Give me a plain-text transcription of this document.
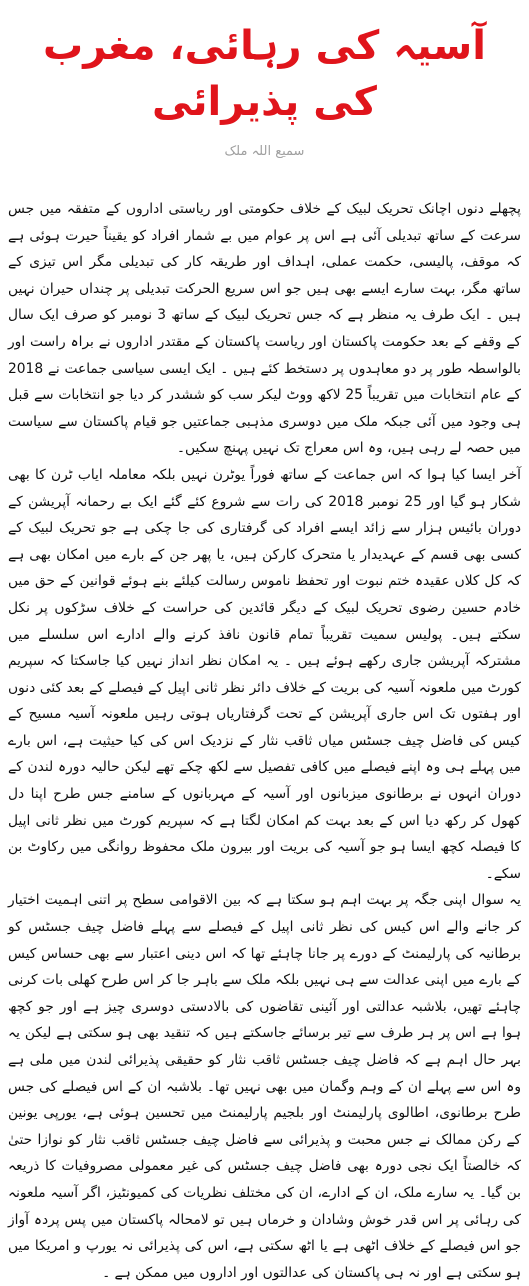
آسیہ کی رہائی، مغرب کی پذیرائی
سمیع اللہ ملک

پچھلے دنوں اچانک تحریک لبیک کے خلاف حکومتی اور ریاستی اداروں کے متفقہ میں جس سرعت کے ساتھ تبدیلی آئی ہے اس پر عوام میں بے شمار افراد کو یقیناً حیرت ہوئی ہے کہ موقف، پالیسی، حکمت عملی، اہداف اور طریقہ کار کی تبدیلی مگر اس تیزی کے ساتھ مگر، بہت سارے ایسے بھی ہیں جو اس سریع الحرکت تبدیلی پر چنداں حیران نہیں ہیں ۔ ایک طرف یہ منظر ہے کہ جس تحریک لبیک کے ساتھ 3 نومبر کو صرف ایک سال کے وقفے کے بعد حکومت پاکستان اور ریاست پاکستان کے مقتدر اداروں نے براہ راست اور بالواسطہ طور پر دو معاہدوں پر دستخط کئے ہیں ۔ ایک ایسی سیاسی جماعت نے 2018 کے عام انتخابات میں تقریباً 25 لاکھ ووٹ لیکر سب کو ششدر کر دیا جو انتخابات سے قبل ہی وجود میں آئی جبکہ ملک میں دوسری مذہبی جماعتیں جو قیام پاکستان سے سیاست میں حصہ لے رہی ہیں، وہ اس معراج تک نہیں پہنچ سکیں۔

آخر ایسا کیا ہوا کہ اس جماعت کے ساتھ فوراً یوٹرن نہیں بلکہ معاملہ ایاب ٹرن کا بھی شکار ہو گیا اور 25 نومبر 2018 کی رات سے شروع کئے گئے ایک بے رحمانہ آپریشن کے دوران بائیس ہزار سے زائد ایسے افراد کی گرفتاری کی جا چکی ہے جو تحریک لبیک کے کسی بھی قسم کے عہدیدار یا متحرک کارکن ہیں، یا پھر جن کے بارے میں امکان بھی ہے کہ کل کلاں عقیدہ ختم نبوت اور تحفظ ناموس رسالت کیلئے بنے ہوئے قوانین کے حق میں خادم حسین رضوی تحریک لبیک کے دیگر قائدین کی حراست کے خلاف سڑکوں پر نکل سکتے ہیں۔ پولیس سمیت تقریباً تمام قانون نافذ کرنے والے ادارے اس سلسلے میں مشترکہ آپریشن جاری رکھے ہوئے ہیں ۔ یہ امکان نظر انداز نہیں کیا جاسکتا کہ سپریم کورٹ میں ملعونہ آسیہ کی بریت کے خلاف دائر نظر ثانی اپیل کے فیصلے کے بعد کئی دنوں اور ہفتوں تک اس جاری آپریشن کے تحت گرفتاریاں ہوتی رہیں ملعونہ آسیہ مسیح کے کیس کی فاضل چیف جسٹس میاں ثاقب نثار کے نزدیک اس کی کیا حیثیت ہے، اس بارے میں پہلے ہی وہ اپنے فیصلے میں کافی تفصیل سے لکھ چکے تھے لیکن حالیہ دورہ لندن کے دوران انہوں نے برطانوی میزبانوں اور آسیہ کے مہربانوں کے سامنے جس طرح اپنا دل کھول کر رکھ دیا اس کے بعد بہت کم امکان لگتا ہے کہ سپریم کورٹ میں نظر ثانی اپیل کا فیصلہ کچھ ایسا ہو جو آسیہ کی بریت اور بیرون ملک محفوظ روانگی میں رکاوٹ بن سکے۔

یہ سوال اپنی جگہ پر بہت اہم ہو سکتا ہے کہ بین الاقوامی سطح پر اتنی اہمیت اختیار کر جانے والے اس کیس کی نظر ثانی اپیل کے فیصلے سے پہلے فاضل چیف جسٹس کو برطانیہ کی پارلیمنٹ کے دورے پر جانا چاہئے تھا کہ اس دینی اعتبار سے بھی حساس کیس کے بارے میں اپنی عدالت سے ہی نہیں بلکہ ملک سے باہر جا کر اس طرح کھلی بات کرنی چاہئے تھیں، بلاشبہ عدالتی اور آئینی تقاضوں کی بالادستی دوسری چیز ہے اور جو کچھ ہوا ہے اس پر ہر طرف سے تیر برسائے جاسکتے ہیں کہ تنقید بھی ہو سکتی ہے لیکن یہ بہر حال اہم ہے کہ فاضل چیف جسٹس ثاقب نثار کو حقیقی پذیرائی لندن میں ملی ہے وہ اس سے پہلے ان کے وہم وگمان میں بھی نہیں تھا۔ بلاشبہ ان کے اس فیصلے کی جس طرح برطانوی، اطالوی پارلیمنٹ اور بلجیم پارلیمنٹ میں تحسین ہوئی ہے، یورپی یونین کے رکن ممالک نے جس محبت و پذیرائی سے فاضل چیف جسٹس ثاقب نثار کو نوازا حتیٰ کہ خالصتاً ایک نجی دورہ بھی فاضل چیف جسٹس کی غیر معمولی مصروفیات کا ذریعہ بن گیا۔ یہ سارے ملک، ان کے ادارے، ان کی مختلف نظریات کی کمیونٹیز، اگر آسیہ ملعونہ کی رہائی پر اس قدر خوش وشادان و خرماں ہیں تو لامحالہ پاکستان میں پس پردہ آواز جو اس فیصلے کے خلاف اٹھی ہے یا اٹھ سکتی ہے، اس کی پذیرائی نہ یورپ و امریکا میں ہو سکتی ہے اور نہ ہی پاکستان کی عدالتوں اور اداروں میں ممکن ہے ۔
